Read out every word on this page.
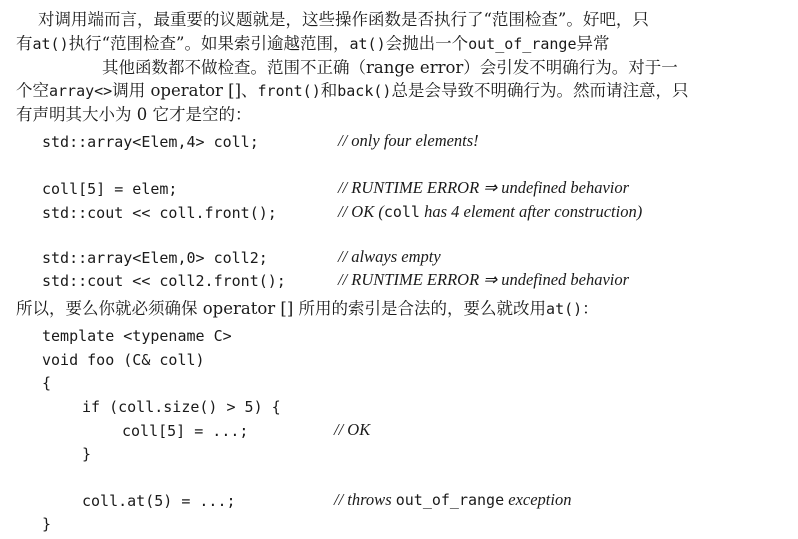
对调用端而言，最重要的议题就是，这些操作函数是否执行了“范围检查”。好吧，只
有at()执行“范围检查”。如果索引逾越范围，at()会抛出一个out_of_range异常
其他函数都不做检查。范围不正确（range error）会引发不明确行为。对于一
个空array<>调用 operator []、front()和back()总是会导致不明确行为。然而请注意，只
有声明其大小为 0 它才是空的：
std::array<Elem,4> coll;	// only four elements!
coll[5] = elem;	// RUNTIME ERROR ⇒ undefined behavior
std::cout << coll.front();	// OK (coll has 4 element after construction)
std::array<Elem,0> coll2;	// always empty
std::cout << coll2.front();	// RUNTIME ERROR ⇒ undefined behavior
所以，要么你就必须确保 operator [] 所用的索引是合法的，要么就改用at()：
template <typename C>
void foo (C& coll)
{
if (coll.size() > 5) {
coll[5] = ...;	// OK
}
coll.at(5) = ...;	// throws out_of_range exception
}
